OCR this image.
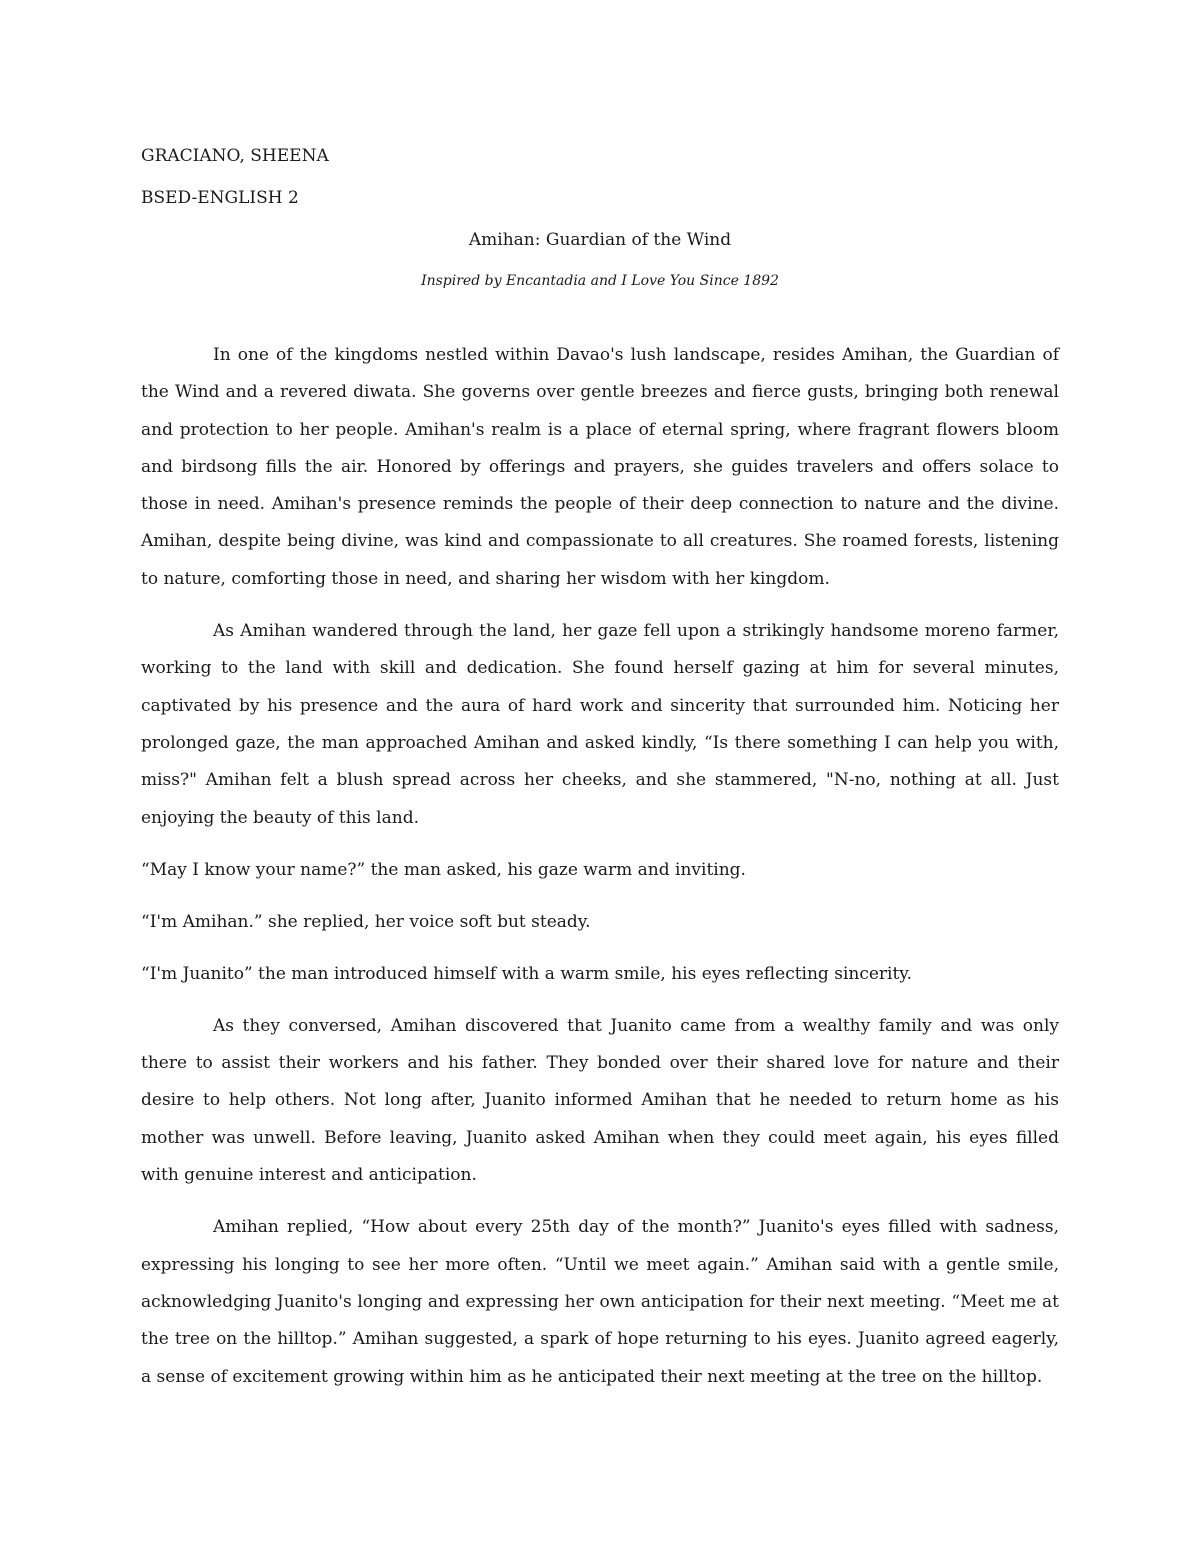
GRACIANO, SHEENA

BSED-ENGLISH 2

Amihan: Guardian of the Wind

Inspired by Encantadia and I Love You Since 1892

In one of the kingdoms nestled within Davao's lush landscape, resides Amihan, the Guardian of the Wind and a revered diwata. She governs over gentle breezes and fierce gusts, bringing both renewal and protection to her people. Amihan's realm is a place of eternal spring, where fragrant flowers bloom and birdsong fills the air. Honored by offerings and prayers, she guides travelers and offers solace to those in need. Amihan's presence reminds the people of their deep connection to nature and the divine. Amihan, despite being divine, was kind and compassionate to all creatures. She roamed forests, listening to nature, comforting those in need, and sharing her wisdom with her kingdom.

As Amihan wandered through the land, her gaze fell upon a strikingly handsome moreno farmer, working to the land with skill and dedication. She found herself gazing at him for several minutes, captivated by his presence and the aura of hard work and sincerity that surrounded him. Noticing her prolonged gaze, the man approached Amihan and asked kindly, “Is there something I can help you with, miss?" Amihan felt a blush spread across her cheeks, and she stammered, "N-no, nothing at all. Just enjoying the beauty of this land.

“May I know your name?” the man asked, his gaze warm and inviting.

“I'm Amihan.” she replied, her voice soft but steady.

“I'm Juanito” the man introduced himself with a warm smile, his eyes reflecting sincerity.

As they conversed, Amihan discovered that Juanito came from a wealthy family and was only there to assist their workers and his father. They bonded over their shared love for nature and their desire to help others. Not long after, Juanito informed Amihan that he needed to return home as his mother was unwell. Before leaving, Juanito asked Amihan when they could meet again, his eyes filled with genuine interest and anticipation.

Amihan replied, “How about every 25th day of the month?” Juanito's eyes filled with sadness, expressing his longing to see her more often. “Until we meet again.” Amihan said with a gentle smile, acknowledging Juanito's longing and expressing her own anticipation for their next meeting. “Meet me at the tree on the hilltop.” Amihan suggested, a spark of hope returning to his eyes. Juanito agreed eagerly, a sense of excitement growing within him as he anticipated their next meeting at the tree on the hilltop.
